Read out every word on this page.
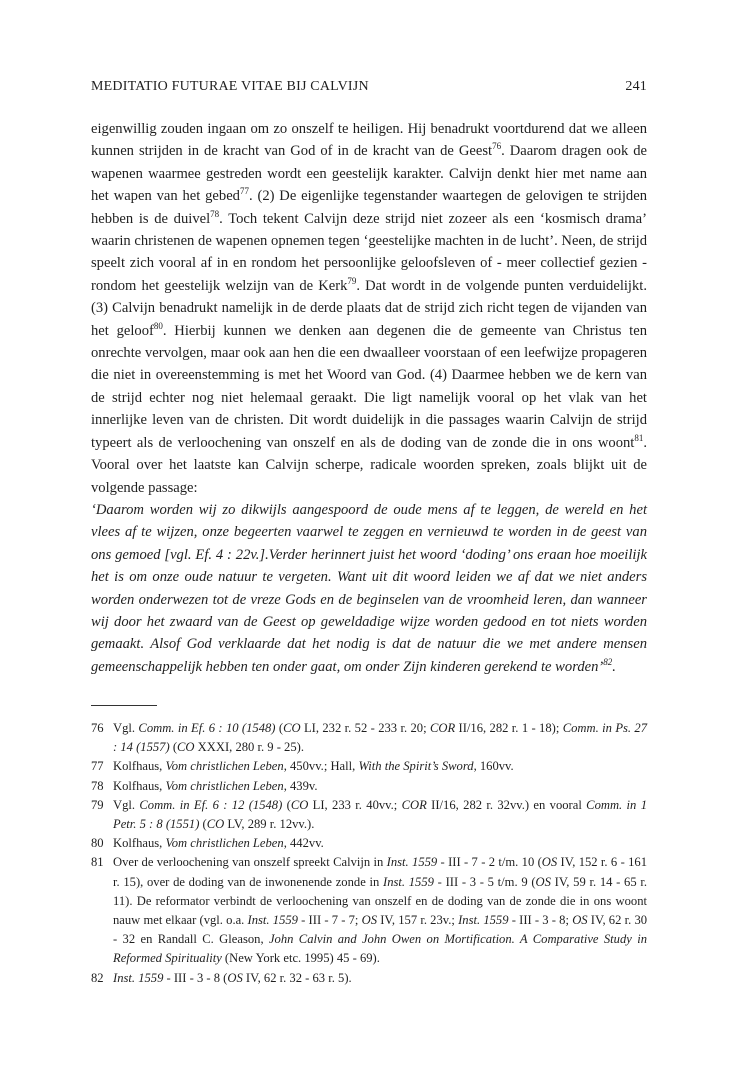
MEDITATIO FUTURAE VITAE BIJ CALVIJN	241

eigenwillig zouden ingaan om zo onszelf te heiligen. Hij benadrukt voortdurend dat we alleen kunnen strijden in de kracht van God of in de kracht van de Geest$^{76}$. Daarom dragen ook de wapenen waarmee gestreden wordt een geestelijk karakter. Calvijn denkt hier met name aan het wapen van het gebed$^{77}$. (2) De eigenlijke tegenstander waartegen de gelovigen te strijden hebben is de duivel$^{78}$. Toch tekent Calvijn deze strijd niet zozeer als een ‘kosmisch drama’ waarin christenen de wapenen opnemen tegen ‘geestelijke machten in de lucht’. Neen, de strijd speelt zich vooral af in en rondom het persoonlijke geloofsleven of - meer collectief gezien - rondom het geestelijk welzijn van de Kerk$^{79}$. Dat wordt in de volgende punten verduidelijkt. (3) Calvijn benadrukt namelijk in de derde plaats dat de strijd zich richt tegen de vijanden van het geloof$^{80}$. Hierbij kunnen we denken aan degenen die de gemeente van Christus ten onrechte vervolgen, maar ook aan hen die een dwaalleer voorstaan of een leefwijzе propageren die niet in overeenstemming is met het Woord van God. (4) Daarmee hebben we de kern van de strijd echter nog niet helemaal geraakt. Die ligt namelijk vooral op het vlak van het innerlijke leven van de christen. Dit wordt duidelijk in die passages waarin Calvijn de strijd typeert als de verloochening van onszelf en als de doding van de zonde die in ons woont$^{81}$. Vooral over het laatste kan Calvijn scherpe, radicale woorden spreken, zoals blijkt uit de volgende passage:

‘Daarom worden wij zo dikwijls aangespoord de oude mens af te leggen, de wereld en het vlees af te wijzen, onze begeerten vaarwel te zeggen en vernieuwd te worden in de geest van ons gemoed [vgl. Ef. 4 : 22v.].Verder herinnert juist het woord ‘doding’ ons eraan hoe moeilijk het is om onze oude natuur te vergeten. Want uit dit woord leiden we af dat we niet anders worden onderwezen tot de vreze Gods en de beginselen van de vroomheid leren, dan wanneer wij door het zwaard van de Geest op geweldadige wijze worden gedood en tot niets worden gemaakt. Alsof God verklaarde dat het nodig is dat de natuur die we met andere mensen gemeenschappelijk hebben ten onder gaat, om onder Zijn kinderen gerekend te worden’$^{82}$.

76 Vgl. Comm. in Ef. 6 : 10 (1548) (CO LI, 232 r. 52 - 233 r. 20; COR II/16, 282 r. 1 - 18); Comm. in Ps. 27 : 14 (1557) (CO XXXI, 280 r. 9 - 25).

77 Kolfhaus, Vom christlichen Leben, 450vv.; Hall, With the Spirit’s Sword, 160vv.

78 Kolfhaus, Vom christlichen Leben, 439v.

79 Vgl. Comm. in Ef. 6 : 12 (1548) (CO LI, 233 r. 40vv.; COR II/16, 282 r. 32vv.) en vooral Comm. in 1 Petr. 5 : 8 (1551) (CO LV, 289 r. 12vv.).

80 Kolfhaus, Vom christlichen Leben, 442vv.

81 Over de verloochening van onszelf spreekt Calvijn in Inst. 1559 - III - 7 - 2 t/m. 10 (OS IV, 152 r. 6 - 161 r. 15), over de doding van de inwonenende zonde in Inst. 1559 - III - 3 - 5 t/m. 9 (OS IV, 59 r. 14 - 65 r. 11). De reformator verbindt de verloochening van onszelf en de doding van de zonde die in ons woont nauw met elkaar (vgl. o.a. Inst. 1559 - III - 7 - 7; OS IV, 157 r. 23v.; Inst. 1559 - III - 3 - 8; OS IV, 62 r. 30 - 32 en Randall C. Gleason, John Calvin and John Owen on Mortification. A Comparative Study in Reformed Spirituality (New York etc. 1995) 45 - 69).

82 Inst. 1559 - III - 3 - 8 (OS IV, 62 r. 32 - 63 r. 5).
